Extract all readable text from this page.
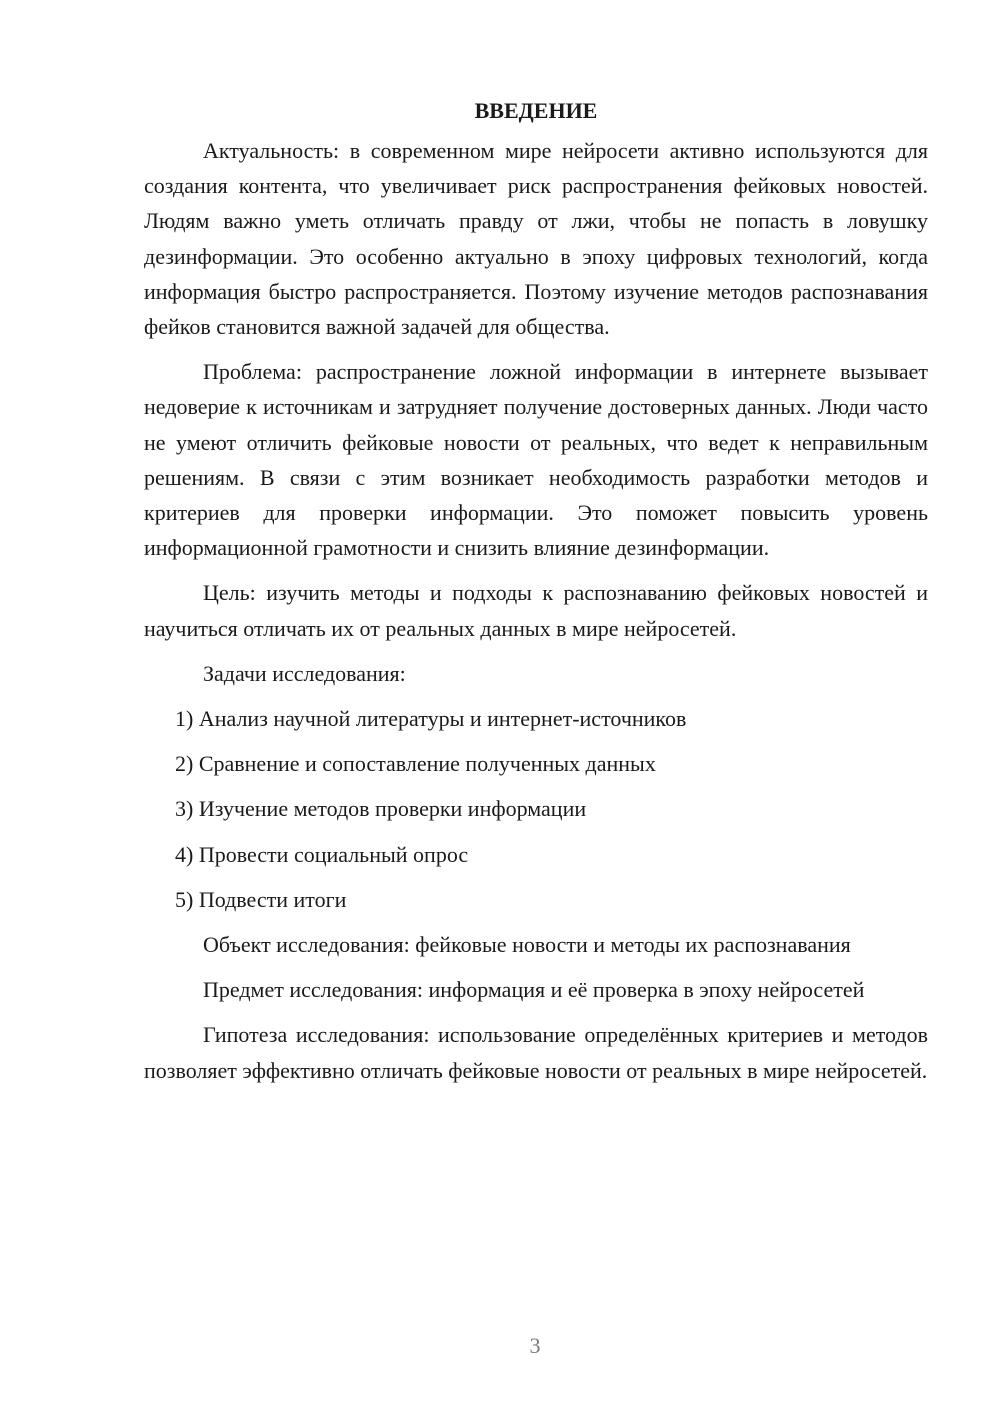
ВВЕДЕНИЕ

Актуальность: в современном мире нейросети активно используются для создания контента, что увеличивает риск распространения фейковых новостей. Людям важно уметь отличать правду от лжи, чтобы не попасть в ловушку дезинформации. Это особенно актуально в эпоху цифровых технологий, когда информация быстро распространяется. Поэтому изучение методов распознавания фейков становится важной задачей для общества.

Проблема: распространение ложной информации в интернете вызывает недоверие к источникам и затрудняет получение достоверных данных. Люди часто не умеют отличить фейковые новости от реальных, что ведет к неправильным решениям. В связи с этим возникает необходимость разработки методов и критериев для проверки информации. Это поможет повысить уровень информационной грамотности и снизить влияние дезинформации.

Цель: изучить методы и подходы к распознаванию фейковых новостей и научиться отличать их от реальных данных в мире нейросетей.

Задачи исследования:

1) Анализ научной литературы и интернет-источников
2) Сравнение и сопоставление полученных данных
3) Изучение методов проверки информации
4) Провести социальный опрос
5) Подвести итоги

Объект исследования: фейковые новости и методы их распознавания

Предмет исследования: информация и её проверка в эпоху нейросетей

Гипотеза исследования: использование определённых критериев и методов позволяет эффективно отличать фейковые новости от реальных в мире нейросетей.

3
